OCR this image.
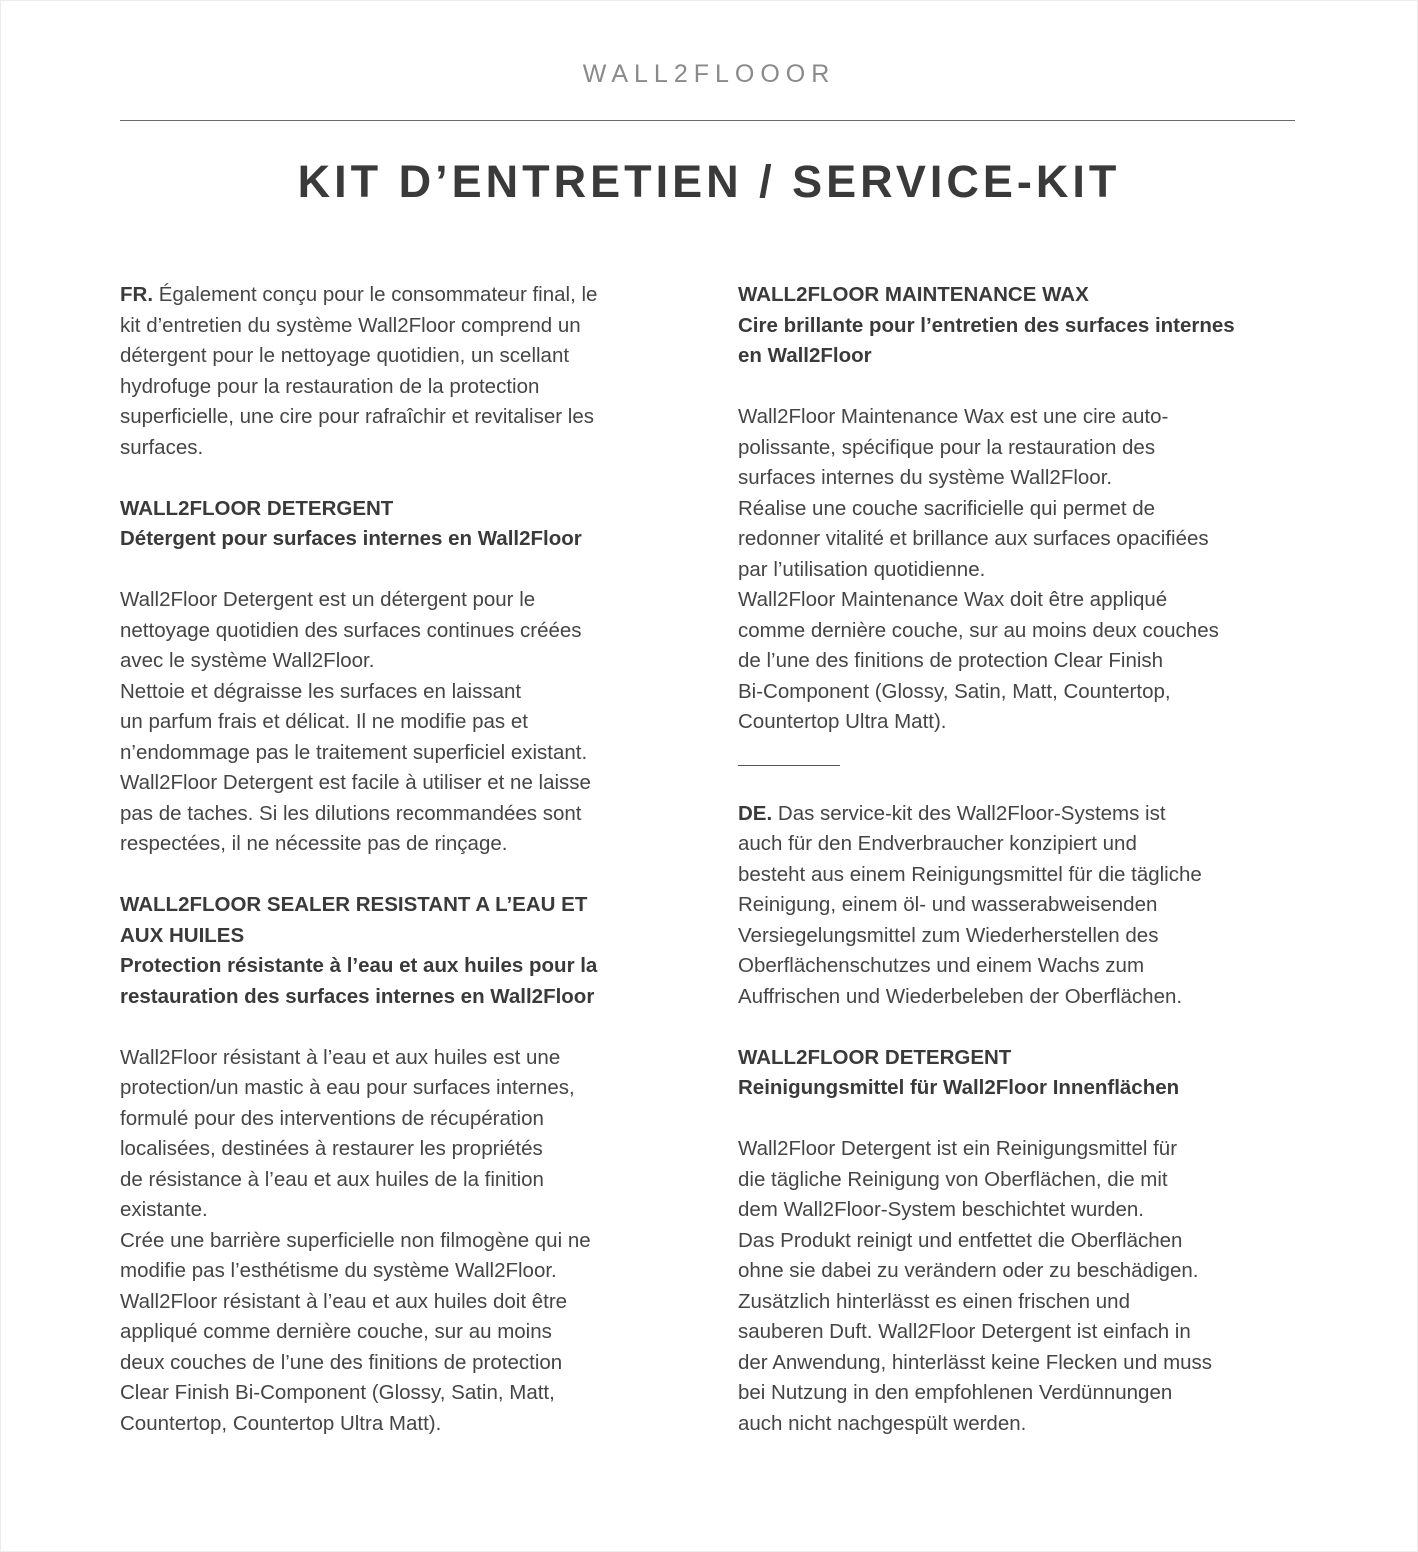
WALL2FLOOOR
KIT D’ENTRETIEN / SERVICE-KIT

FR. Également conçu pour le consommateur final, le
kit d’entretien du système Wall2Floor comprend un
détergent pour le nettoyage quotidien, un scellant
hydrofuge pour la restauration de la protection
superficielle, une cire pour rafraîchir et revitaliser les
surfaces.

WALL2FLOOR DETERGENT

Détergent pour surfaces internes en Wall2Floor

Wall2Floor Detergent est un détergent pour le
nettoyage quotidien des surfaces continues créées
avec le système Wall2Floor.
Nettoie et dégraisse les surfaces en laissant
un parfum frais et délicat. Il ne modifie pas et
n’endommage pas le traitement superficiel existant.
Wall2Floor Detergent est facile à utiliser et ne laisse
pas de taches. Si les dilutions recommandées sont
respectées, il ne nécessite pas de rinçage.

WALL2FLOOR SEALER RESISTANT A L’EAU ET
AUX HUILES

Protection résistante à l’eau et aux huiles pour la
restauration des surfaces internes en Wall2Floor

Wall2Floor résistant à l’eau et aux huiles est une
protection/un mastic à eau pour surfaces internes,
formulé pour des interventions de récupération
localisées, destinées à restaurer les propriétés
de résistance à l’eau et aux huiles de la finition
existante.
Crée une barrière superficielle non filmogène qui ne
modifie pas l’esthétisme du système Wall2Floor.
Wall2Floor résistant à l’eau et aux huiles doit être
appliqué comme dernière couche, sur au moins
deux couches de l’une des finitions de protection
Clear Finish Bi-Component (Glossy, Satin, Matt,
Countertop, Countertop Ultra Matt).

WALL2FLOOR MAINTENANCE WAX

Cire brillante pour l’entretien des surfaces internes
en Wall2Floor

Wall2Floor Maintenance Wax est une cire auto-
polissante, spécifique pour la restauration des
surfaces internes du système Wall2Floor.
Réalise une couche sacrificielle qui permet de
redonner vitalité et brillance aux surfaces opacifiées
par l’utilisation quotidienne.
Wall2Floor Maintenance Wax doit être appliqué
comme dernière couche, sur au moins deux couches
de l’une des finitions de protection Clear Finish
Bi-Component (Glossy, Satin, Matt, Countertop,
Countertop Ultra Matt).

DE. Das service-kit des Wall2Floor-Systems ist
auch für den Endverbraucher konzipiert und
besteht aus einem Reinigungsmittel für die tägliche
Reinigung, einem öl- und wasserabweisenden
Versiegelungsmittel zum Wiederherstellen des
Oberflächenschutzes und einem Wachs zum
Auffrischen und Wiederbeleben der Oberflächen.

WALL2FLOOR DETERGENT

Reinigungsmittel für Wall2Floor Innenflächen

Wall2Floor Detergent ist ein Reinigungsmittel für
die tägliche Reinigung von Oberflächen, die mit
dem Wall2Floor-System beschichtet wurden.
Das Produkt reinigt und entfettet die Oberflächen
ohne sie dabei zu verändern oder zu beschädigen.
Zusätzlich hinterlässt es einen frischen und
sauberen Duft. Wall2Floor Detergent ist einfach in
der Anwendung, hinterlässt keine Flecken und muss
bei Nutzung in den empfohlenen Verdünnungen
auch nicht nachgespült werden.
